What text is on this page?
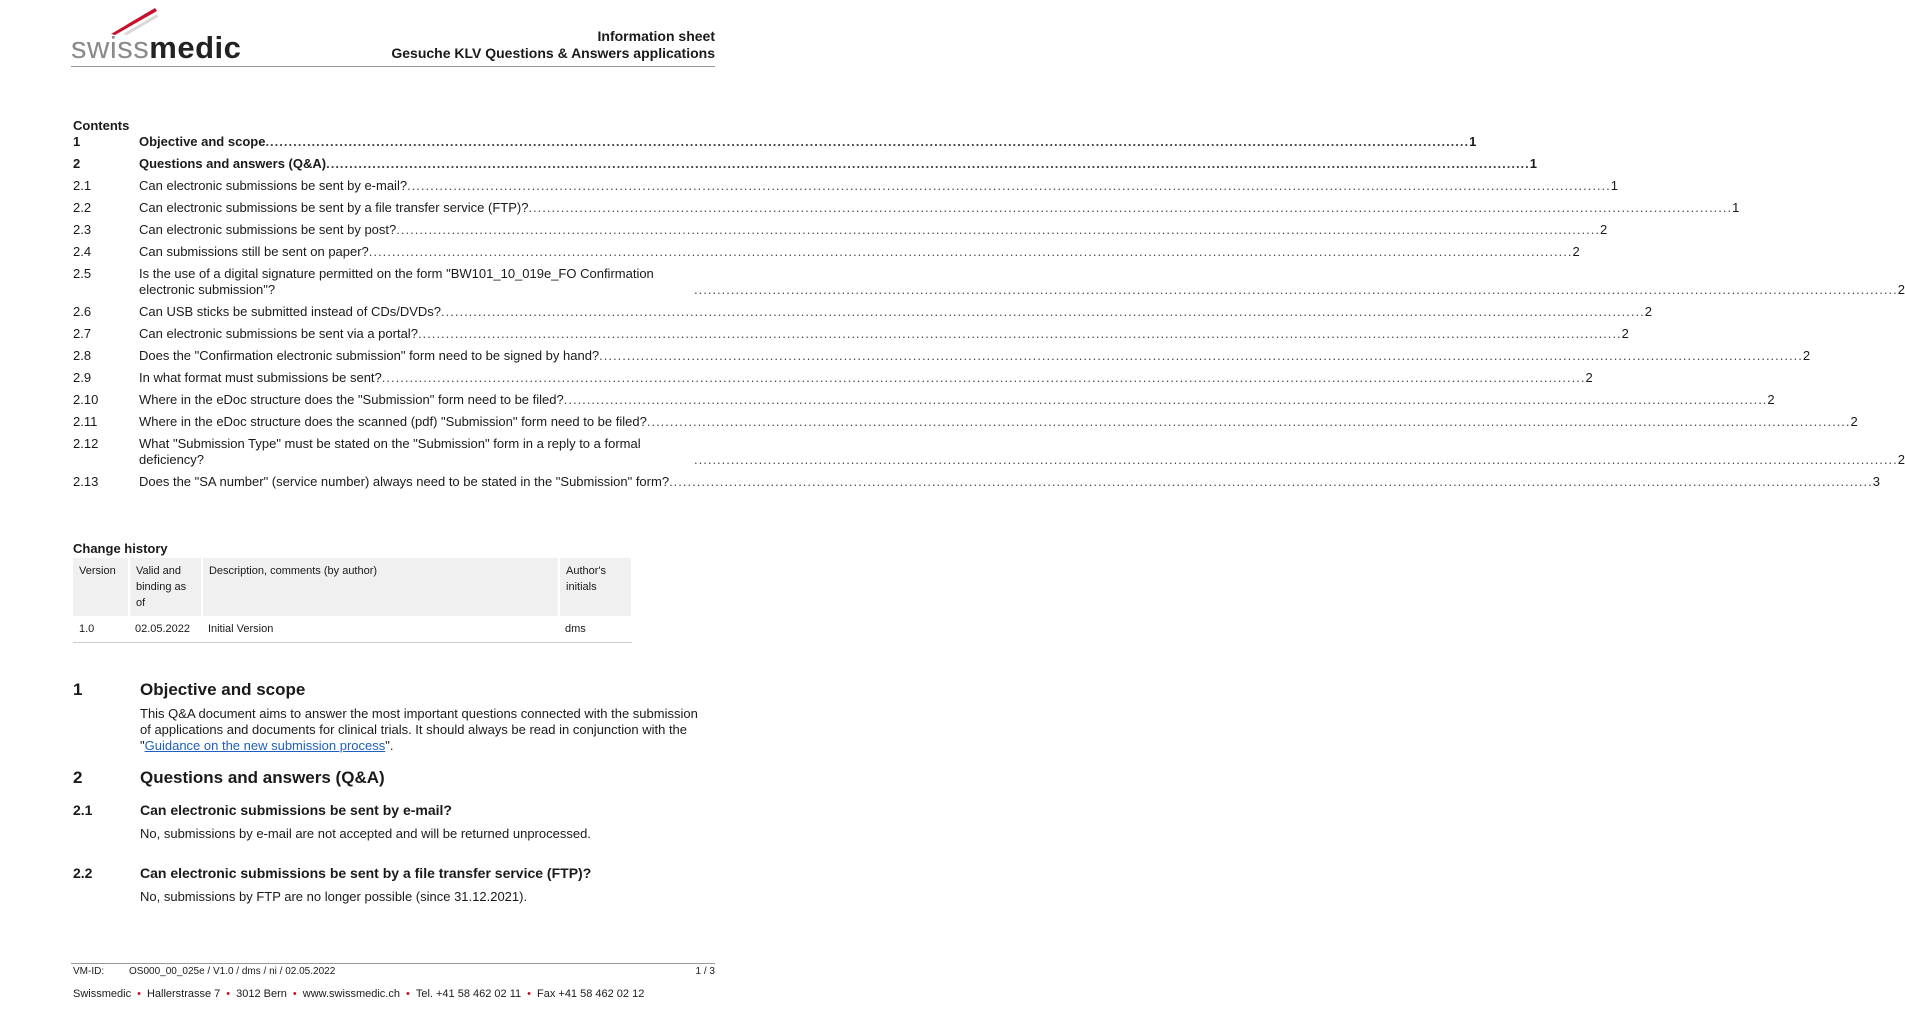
swissmedic	Information sheet
Gesuche KLV Questions & Answers applications
Contents
1	Objective and scope .....	1
2	Questions and answers (Q&A) .....	1
2.1	Can electronic submissions be sent by e-mail? .....	1
2.2	Can electronic submissions be sent by a file transfer service (FTP)? .....	1
2.3	Can electronic submissions be sent by post? .....	2
2.4	Can submissions still be sent on paper? .....	2
2.5	Is the use of a digital signature permitted on the form "BW101_10_019e_FO Confirmation electronic submission"? .....	2
2.6	Can USB sticks be submitted instead of CDs/DVDs? .....	2
2.7	Can electronic submissions be sent via a portal? .....	2
2.8	Does the "Confirmation electronic submission" form need to be signed by hand? .....	2
2.9	In what format must submissions be sent? .....	2
2.10	Where in the eDoc structure does the "Submission" form need to be filed? .....	2
2.11	Where in the eDoc structure does the scanned (pdf) "Submission" form need to be filed? .....	2
2.12	What "Submission Type" must be stated on the "Submission" form in a reply to a formal deficiency? .....	2
2.13	Does the "SA number" (service number) always need to be stated in the "Submission" form? .....	3
Change history
Version	Valid and binding as of	Description, comments (by author)	Author's initials
1.0	02.05.2022	Initial Version	dms
1	Objective and scope
This Q&A document aims to answer the most important questions connected with the submission of applications and documents for clinical trials. It should always be read in conjunction with the "Guidance on the new submission process".
2	Questions and answers (Q&A)
2.1	Can electronic submissions be sent by e-mail?
No, submissions by e-mail are not accepted and will be returned unprocessed.
2.2	Can electronic submissions be sent by a file transfer service (FTP)?
No, submissions by FTP are no longer possible (since 31.12.2021).
VM-ID: OS000_00_025e / V1.0 / dms / ni / 02.05.2022	1 / 3
Swissmedic • Hallerstrasse 7 • 3012 Bern • www.swissmedic.ch • Tel. +41 58 462 02 11 • Fax +41 58 462 02 12
